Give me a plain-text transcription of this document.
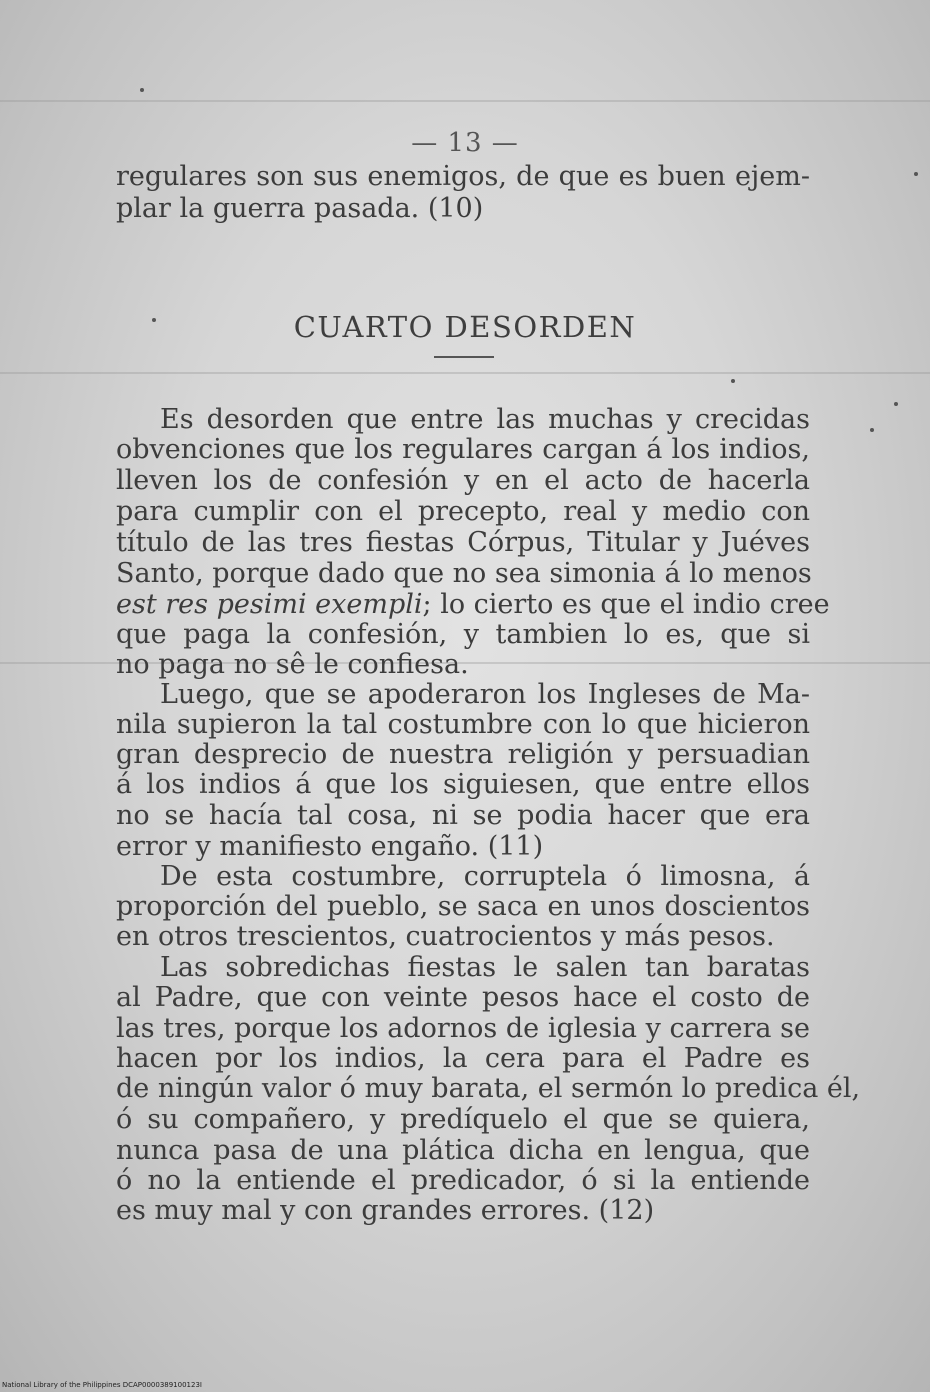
— 13 —
regulares son sus enemigos, de que es buen ejem-
plar la guerra pasada. (10)
CUARTO DESORDEN
Es desorden que entre las muchas y crecidas
obvenciones que los regulares cargan á los indios,
lleven los de confesión y en el acto de hacerla
para cumplir con el precepto, real y medio con
título de las tres fiestas Córpus, Titular y Juéves
Santo, porque dado que no sea simonia á lo menos
est res pesimi exempli; lo cierto es que el indio cree
que paga la confesión, y tambien lo es, que si
no paga no sê le confiesa.
Luego, que se apoderaron los Ingleses de Ma-
nila supieron la tal costumbre con lo que hicieron
gran desprecio de nuestra religión y persuadian
á los indios á que los siguiesen, que entre ellos
no se hacía tal cosa, ni se podia hacer que era
error y manifiesto engaño. (11)
De esta costumbre, corruptela ó limosna, á
proporción del pueblo, se saca en unos doscientos
en otros trescientos, cuatrocientos y más pesos.
Las sobredichas fiestas le salen tan baratas
al Padre, que con veinte pesos hace el costo de
las tres, porque los adornos de iglesia y carrera se
hacen por los indios, la cera para el Padre es
de ningún valor ó muy barata, el sermón lo predica él,
ó su compañero, y predíquelo el que se quiera,
nunca pasa de una plática dicha en lengua, que
ó no la entiende el predicador, ó si la entiende
es muy mal y con grandes errores. (12)
National Library of the Philippines DCAP0000389100123I
